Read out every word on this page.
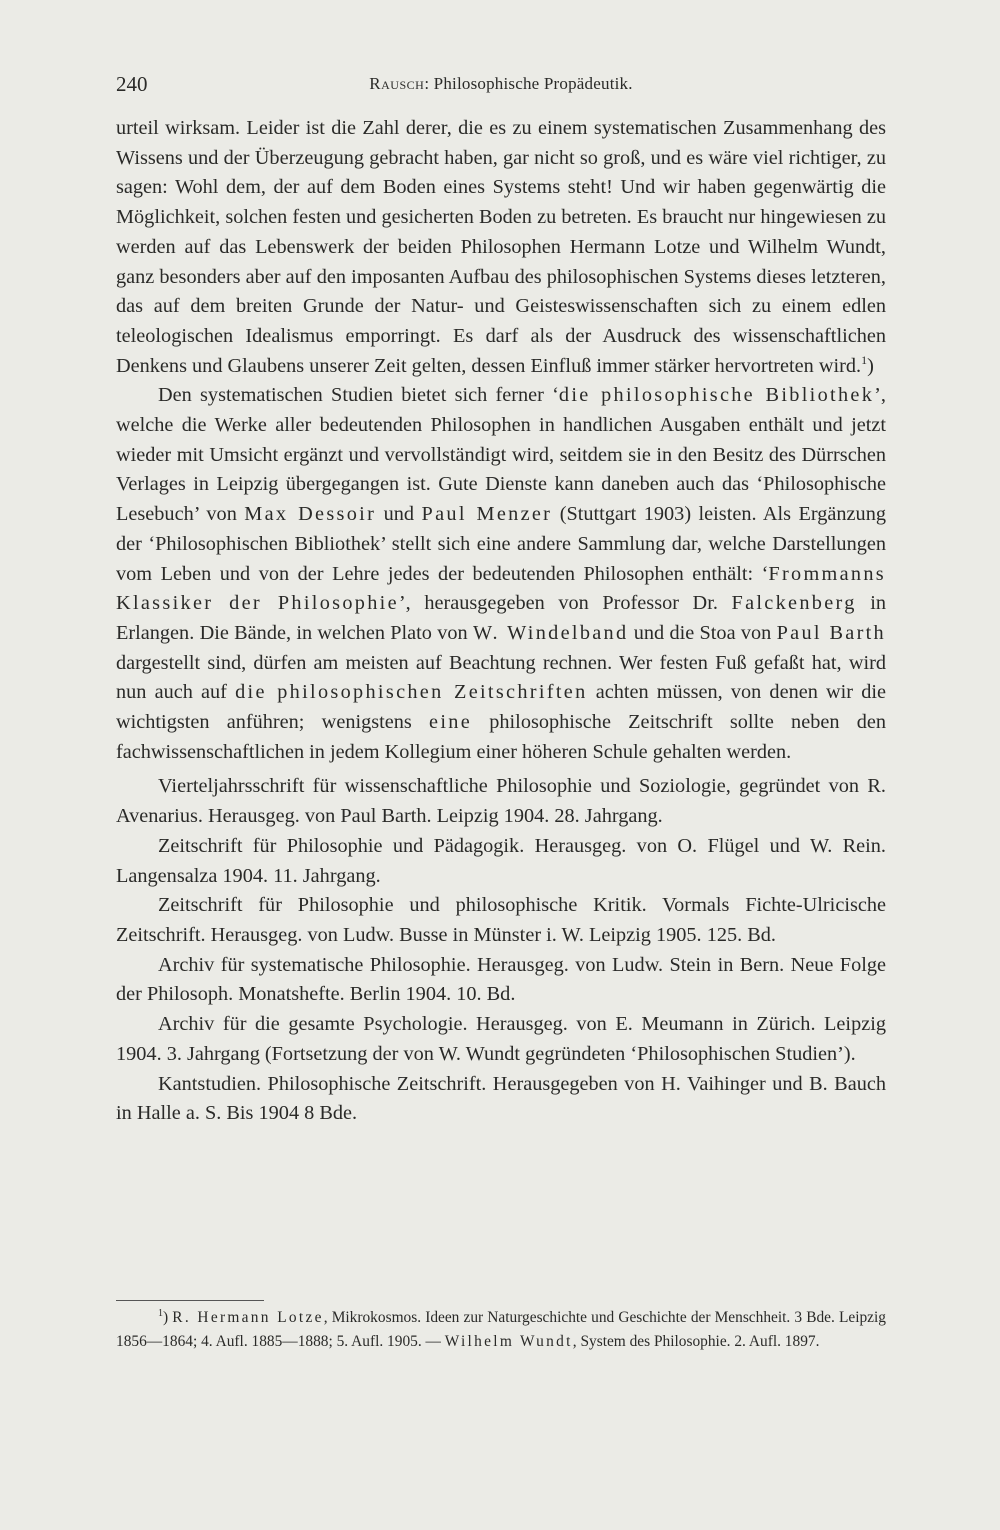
240	Rausch: Philosophische Propädeutik.

urteil wirksam. Leider ist die Zahl derer, die es zu einem systematischen Zusammenhang des Wissens und der Überzeugung gebracht haben, gar nicht so groß, und es wäre viel richtiger, zu sagen: Wohl dem, der auf dem Boden eines Systems steht! Und wir haben gegenwärtig die Möglichkeit, solchen festen und gesicherten Boden zu betreten. Es braucht nur hingewiesen zu werden auf das Lebenswerk der beiden Philosophen Hermann Lotze und Wilhelm Wundt, ganz besonders aber auf den imposanten Aufbau des philosophischen Systems dieses letzteren, das auf dem breiten Grunde der Natur- und Geisteswissenschaften sich zu einem edlen teleologischen Idealismus emporringt. Es darf als der Ausdruck des wissenschaftlichen Denkens und Glaubens unserer Zeit gelten, dessen Einfluß immer stärker hervortreten wird.$^1$)

Den systematischen Studien bietet sich ferner ‘die philosophische Bibliothek’, welche die Werke aller bedeutenden Philosophen in handlichen Ausgaben enthält und jetzt wieder mit Umsicht ergänzt und vervollständigt wird, seitdem sie in den Besitz des Dürrschen Verlages in Leipzig übergegangen ist. Gute Dienste kann daneben auch das ‘Philosophische Lesebuch’ von Max Dessoir und Paul Menzer (Stuttgart 1903) leisten. Als Ergänzung der ‘Philosophischen Bibliothek’ stellt sich eine andere Sammlung dar, welche Darstellungen vom Leben und von der Lehre jedes der bedeutenden Philosophen enthält: ‘Frommanns Klassiker der Philosophie’, herausgegeben von Professor Dr. Falckenberg in Erlangen. Die Bände, in welchen Plato von W. Windelband und die Stoa von Paul Barth dargestellt sind, dürfen am meisten auf Beachtung rechnen. Wer festen Fuß gefaßt hat, wird nun auch auf die philosophischen Zeitschriften achten müssen, von denen wir die wichtigsten anführen; wenigstens eine philosophische Zeitschrift sollte neben den fachwissenschaftlichen in jedem Kollegium einer höheren Schule gehalten werden.

Vierteljahrsschrift für wissenschaftliche Philosophie und Soziologie, gegründet von R. Avenarius. Herausgeg. von Paul Barth. Leipzig 1904. 28. Jahrgang.

Zeitschrift für Philosophie und Pädagogik. Herausgeg. von O. Flügel und W. Rein. Langensalza 1904. 11. Jahrgang.

Zeitschrift für Philosophie und philosophische Kritik. Vormals Fichte-Ulricische Zeitschrift. Herausgeg. von Ludw. Busse in Münster i. W. Leipzig 1905. 125. Bd.

Archiv für systematische Philosophie. Herausgeg. von Ludw. Stein in Bern. Neue Folge der Philosoph. Monatshefte. Berlin 1904. 10. Bd.

Archiv für die gesamte Psychologie. Herausgeg. von E. Meumann in Zürich. Leipzig 1904. 3. Jahrgang (Fortsetzung der von W. Wundt gegründeten ‘Philosophischen Studien’).

Kantstudien. Philosophische Zeitschrift. Herausgegeben von H. Vaihinger und B. Bauch in Halle a. S. Bis 1904 8 Bde.

$^1$) R. Hermann Lotze, Mikrokosmos. Ideen zur Naturgeschichte und Geschichte der Menschheit. 3 Bde. Leipzig 1856—1864; 4. Aufl. 1885—1888; 5. Aufl. 1905. — Wilhelm Wundt, System des Philosophie. 2. Aufl. 1897.
